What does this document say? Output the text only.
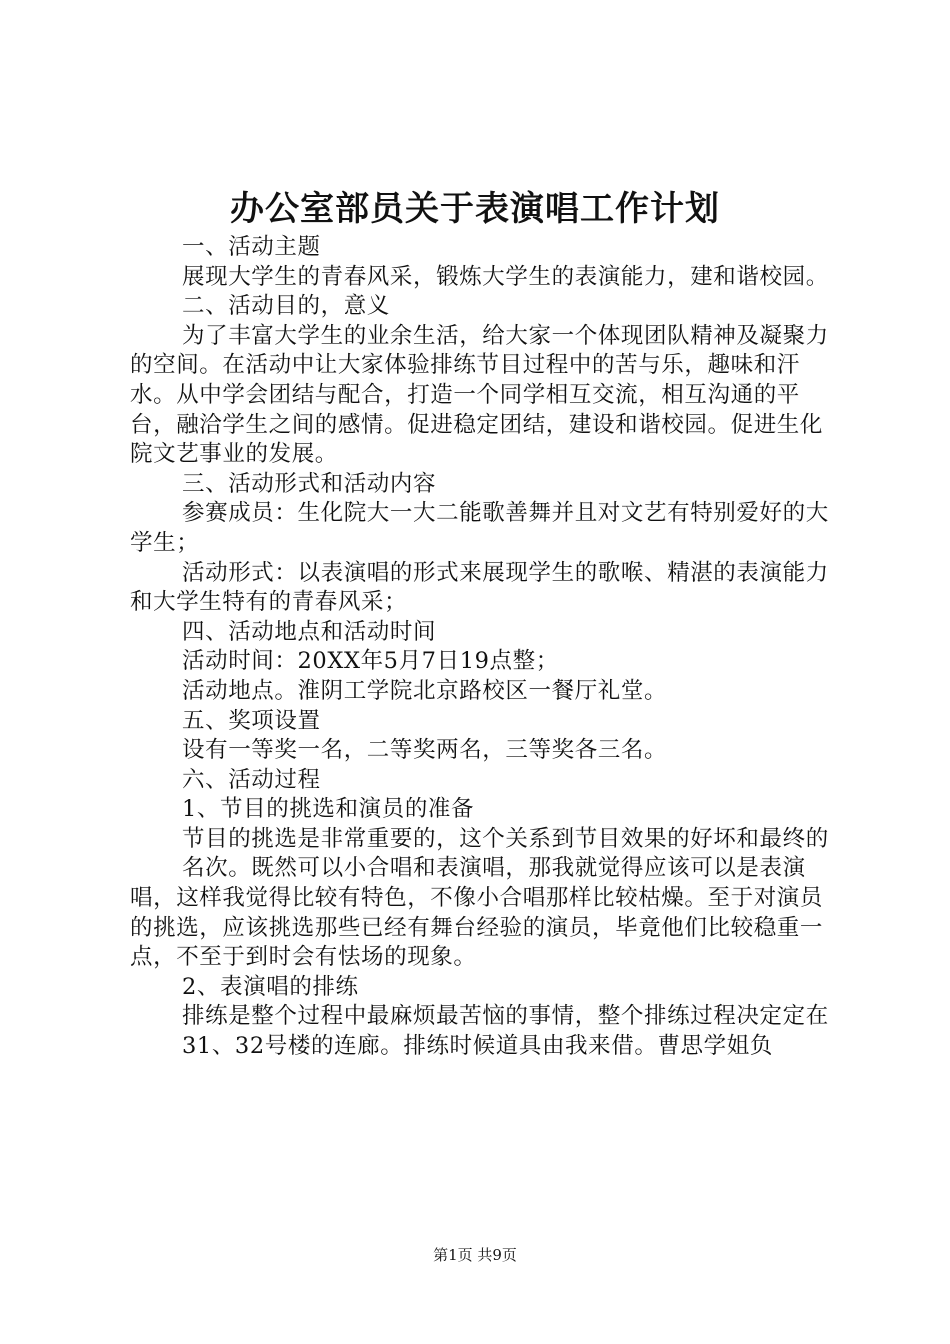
办公室部员关于表演唱工作计划

一、活动主题

展现大学生的青春风采，锻炼大学生的表演能力，建和谐校园。

二、活动目的，意义

为了丰富大学生的业余生活，给大家一个体现团队精神及凝聚力的空间。在活动中让大家体验排练节目过程中的苦与乐，趣味和汗水。从中学会团结与配合，打造一个同学相互交流，相互沟通的平台，融洽学生之间的感情。促进稳定团结，建设和谐校园。促进生化院文艺事业的发展。

三、活动形式和活动内容

参赛成员：生化院大一大二能歌善舞并且对文艺有特别爱好的大学生；

活动形式：以表演唱的形式来展现学生的歌喉、精湛的表演能力和大学生特有的青春风采；

四、活动地点和活动时间

活动时间：20XX年5月7日19点整；

活动地点。淮阴工学院北京路校区一餐厅礼堂。

五、奖项设置

设有一等奖一名，二等奖两名，三等奖各三名。

六、活动过程

1、节目的挑选和演员的准备

节目的挑选是非常重要的，这个关系到节目效果的好坏和最终的

名次。既然可以小合唱和表演唱，那我就觉得应该可以是表演唱，这样我觉得比较有特色，不像小合唱那样比较枯燥。至于对演员的挑选，应该挑选那些已经有舞台经验的演员，毕竟他们比较稳重一点，不至于到时会有怯场的现象。

2、表演唱的排练

排练是整个过程中最麻烦最苦恼的事情，整个排练过程决定定在

31、32号楼的连廊。排练时候道具由我来借。曹思学姐负

第1页 共9页
